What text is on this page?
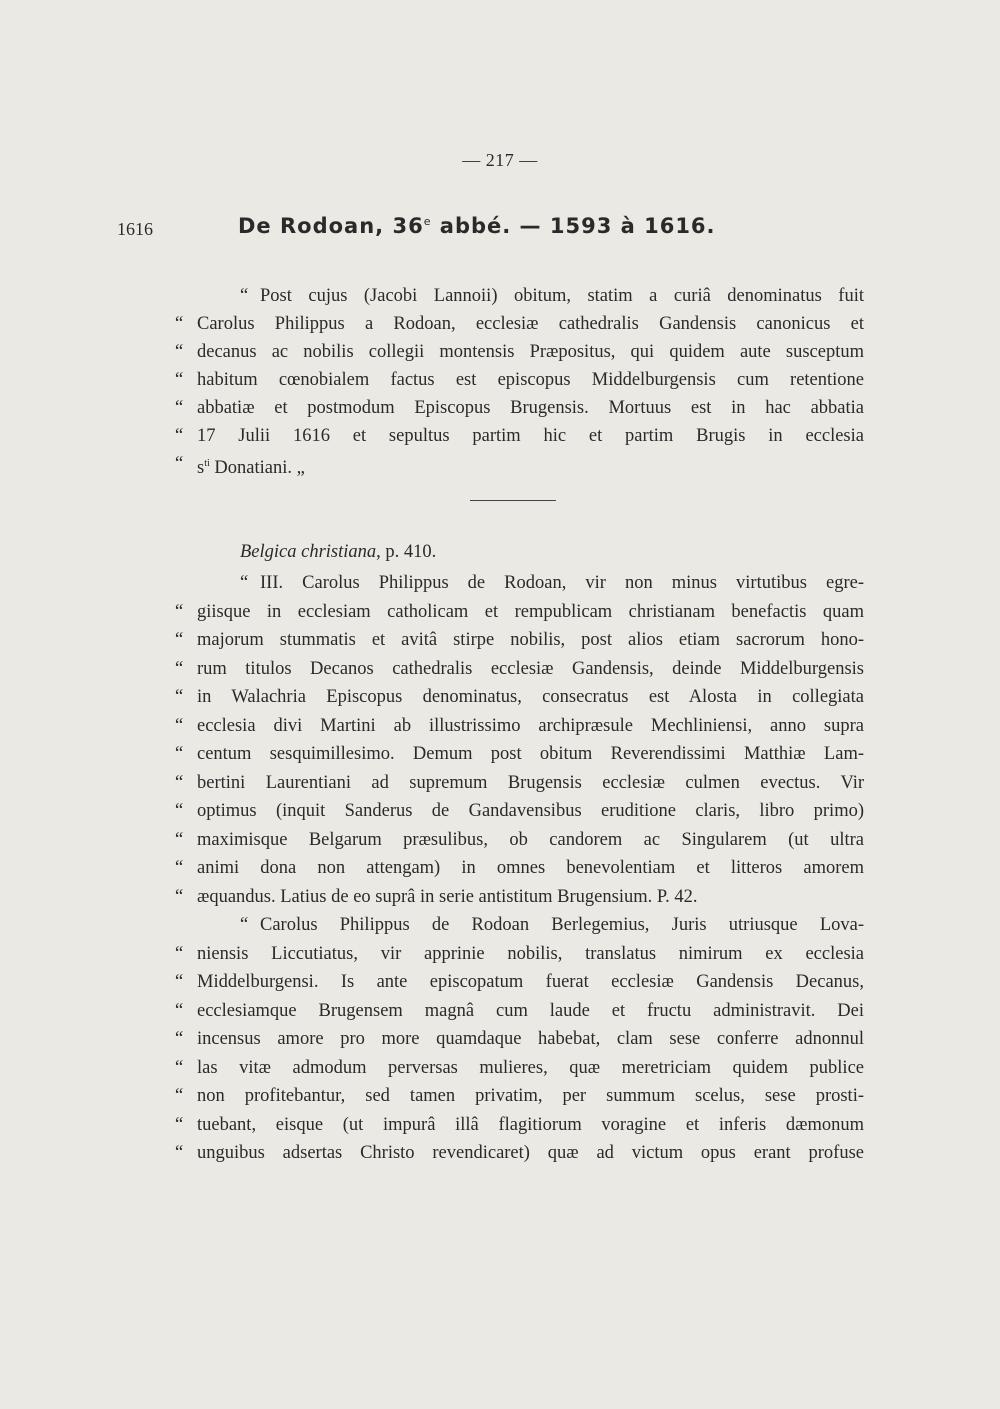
— 217 —
1616	De Rodoan, 36e abbé. — 1593 à 1616.
“ Post cujus (Jacobi Lannoii) obitum, statim a curiâ denominatus fuit
“ Carolus Philippus a Rodoan, ecclesiæ cathedralis Gandensis canonicus et
“ decanus ac nobilis collegii montensis Præpositus, qui quidem aute susceptum
“ habitum cœnobialem factus est episcopus Middelburgensis cum retentione
“ abbatiæ et postmodum Episcopus Brugensis. Mortuus est in hac abbatia
“ 17 Julii 1616 et sepultus partim hic et partim Brugis in ecclesia
“ $s^{ti}$ Donatiani. „
Belgica christiana, p. 410.
“ III. Carolus Philippus de Rodoan, vir non minus virtutibus egre-
“ giisque in ecclesiam catholicam et rempublicam christianam benefactis quam
“ majorum stummatis et avitâ stirpe nobilis, post alios etiam sacrorum hono-
“ rum titulos Decanos cathedralis ecclesiæ Gandensis, deinde Middelburgensis
“ in Walachria Episcopus denominatus, consecratus est Alosta in collegiata
“ ecclesia divi Martini ab illustrissimo archipræsule Mechliniensi, anno supra
“ centum sesquimillesimo. Demum post obitum Reverendissimi Matthiæ Lam-
“ bertini Laurentiani ad supremum Brugensis ecclesiæ culmen evectus. Vir
“ optimus (inquit Sanderus de Gandavensibus eruditione claris, libro primo)
“ maximisque Belgarum præsulibus, ob candorem ac Singularem (ut ultra
“ animi dona non attengam) in omnes benevolentiam et litteros amorem
“ æquandus. Latius de eo suprâ in serie antistitum Brugensium. P. 42.
“ Carolus Philippus de Rodoan Berlegemius, Juris utriusque Lova-
“ niensis Liccutiatus, vir apprinie nobilis, translatus nimirum ex ecclesia
“ Middelburgensi. Is ante episcopatum fuerat ecclesiæ Gandensis Decanus,
“ ecclesiamque Brugensem magnâ cum laude et fructu administravit. Dei
“ incensus amore pro more quamdaque habebat, clam sese conferre adnonnul
“ las vitæ admodum perversas mulieres, quæ meretriciam quidem publice
“ non profitebantur, sed tamen privatim, per summum scelus, sese prosti-
“ tuebant, eisque (ut impurâ illâ flagitiorum voragine et inferis dæmonum
“ unguibus adsertas Christo revendicaret) quæ ad victum opus erant profuse
